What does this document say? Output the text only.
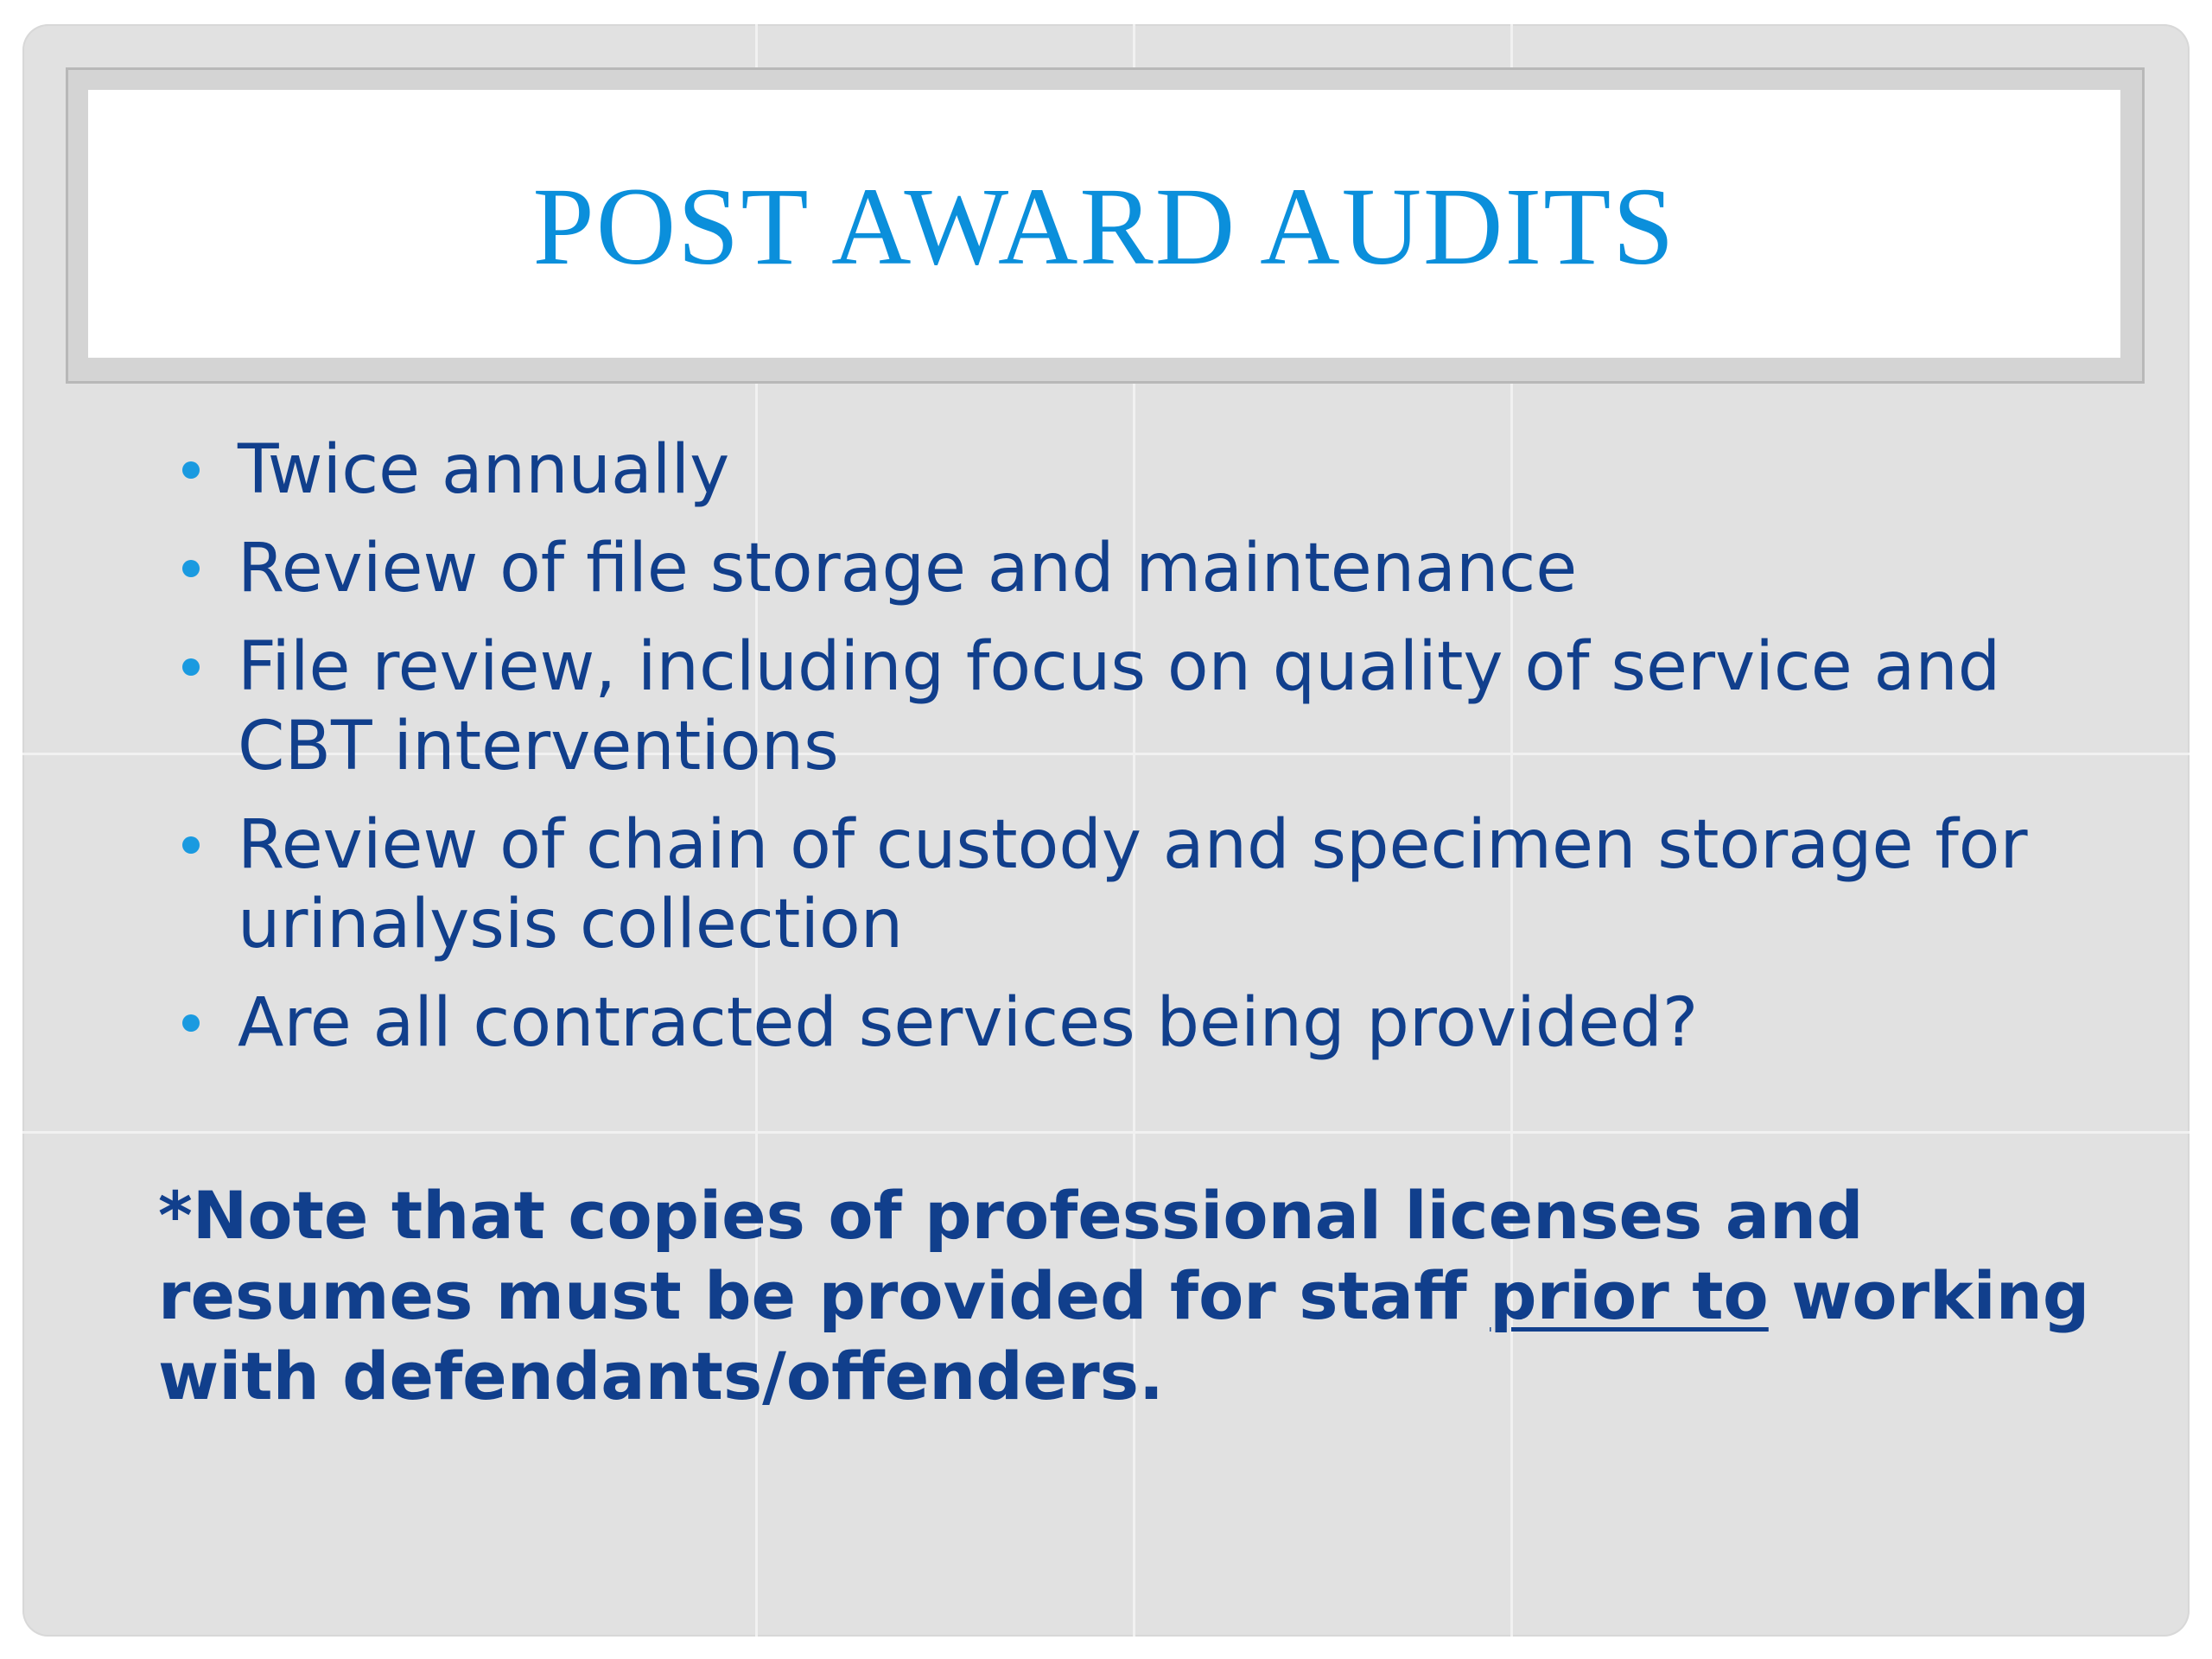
POST AWARD AUDITS
Twice annually
Review of file storage and maintenance
File review, including focus on quality of service and CBT interventions
Review of chain of custody and specimen storage for urinalysis collection
Are all contracted services being provided?

*Note that copies of professional licenses and resumes must be provided for staff prior to working with defendants/offenders.
